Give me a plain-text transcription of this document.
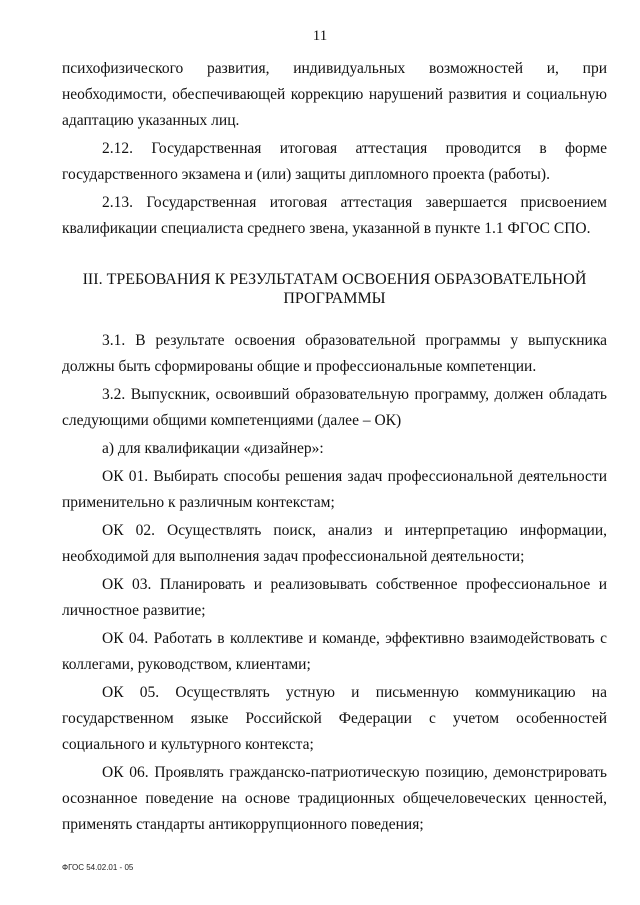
11

психофизического развития, индивидуальных возможностей и, при необходимости, обеспечивающей коррекцию нарушений развития и социальную адаптацию указанных лиц.

2.12. Государственная итоговая аттестация проводится в форме государственного экзамена и (или) защиты дипломного проекта (работы).

2.13. Государственная итоговая аттестация завершается присвоением квалификации специалиста среднего звена, указанной в пункте 1.1 ФГОС СПО.

III. ТРЕБОВАНИЯ К РЕЗУЛЬТАТАМ ОСВОЕНИЯ ОБРАЗОВАТЕЛЬНОЙ ПРОГРАММЫ

3.1. В результате освоения образовательной программы у выпускника должны быть сформированы общие и профессиональные компетенции.

3.2. Выпускник, освоивший образовательную программу, должен обладать следующими общими компетенциями (далее – ОК)

а) для квалификации «дизайнер»:

ОК 01. Выбирать способы решения задач профессиональной деятельности применительно к различным контекстам;

ОК 02. Осуществлять поиск, анализ и интерпретацию информации, необходимой для выполнения задач профессиональной деятельности;

ОК 03. Планировать и реализовывать собственное профессиональное и личностное развитие;

ОК 04. Работать в коллективе и команде, эффективно взаимодействовать с коллегами, руководством, клиентами;

ОК 05. Осуществлять устную и письменную коммуникацию на государственном языке Российской Федерации с учетом особенностей социального и культурного контекста;

ОК 06. Проявлять гражданско-патриотическую позицию, демонстрировать осознанное поведение на основе традиционных общечеловеческих ценностей, применять стандарты антикоррупционного поведения;

ФГОС 54.02.01 - 05
